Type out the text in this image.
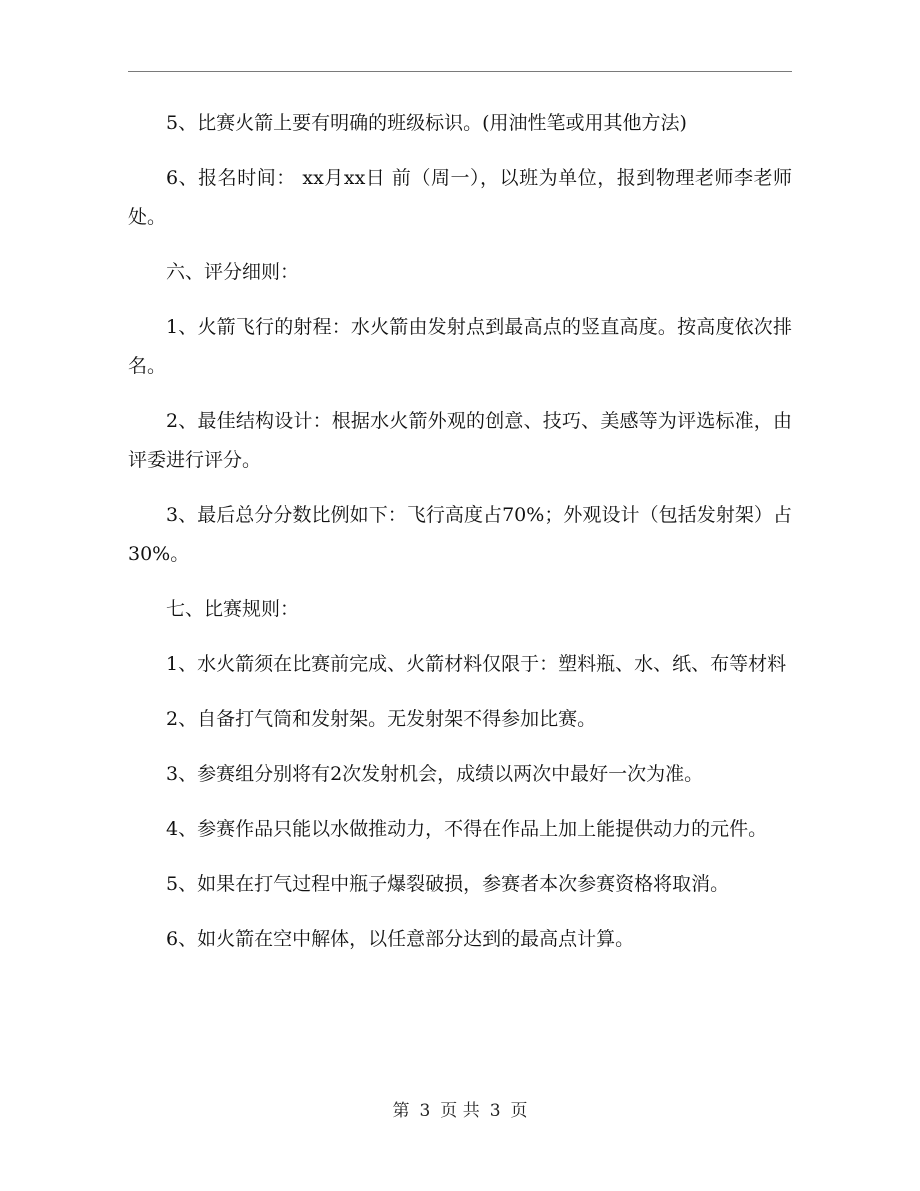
5、比赛火箭上要有明确的班级标识。(用油性笔或用其他方法)

6、报名时间： xx月xx日 前（周一），以班为单位，报到物理老师李老师处。

六、评分细则：

1、火箭飞行的射程：水火箭由发射点到最高点的竖直高度。按高度依次排名。

2、最佳结构设计：根据水火箭外观的创意、技巧、美感等为评选标准，由评委进行评分。

3、最后总分分数比例如下：飞行高度占70%；外观设计（包括发射架）占30%。

七、比赛规则：

1、水火箭须在比赛前完成、火箭材料仅限于：塑料瓶、水、纸、布等材料

2、自备打气筒和发射架。无发射架不得参加比赛。

3、参赛组分别将有2次发射机会，成绩以两次中最好一次为准。

4、参赛作品只能以水做推动力，不得在作品上加上能提供动力的元件。

5、如果在打气过程中瓶子爆裂破损，参赛者本次参赛资格将取消。

6、如火箭在空中解体，以任意部分达到的最高点计算。

第 3 页 共 3 页
